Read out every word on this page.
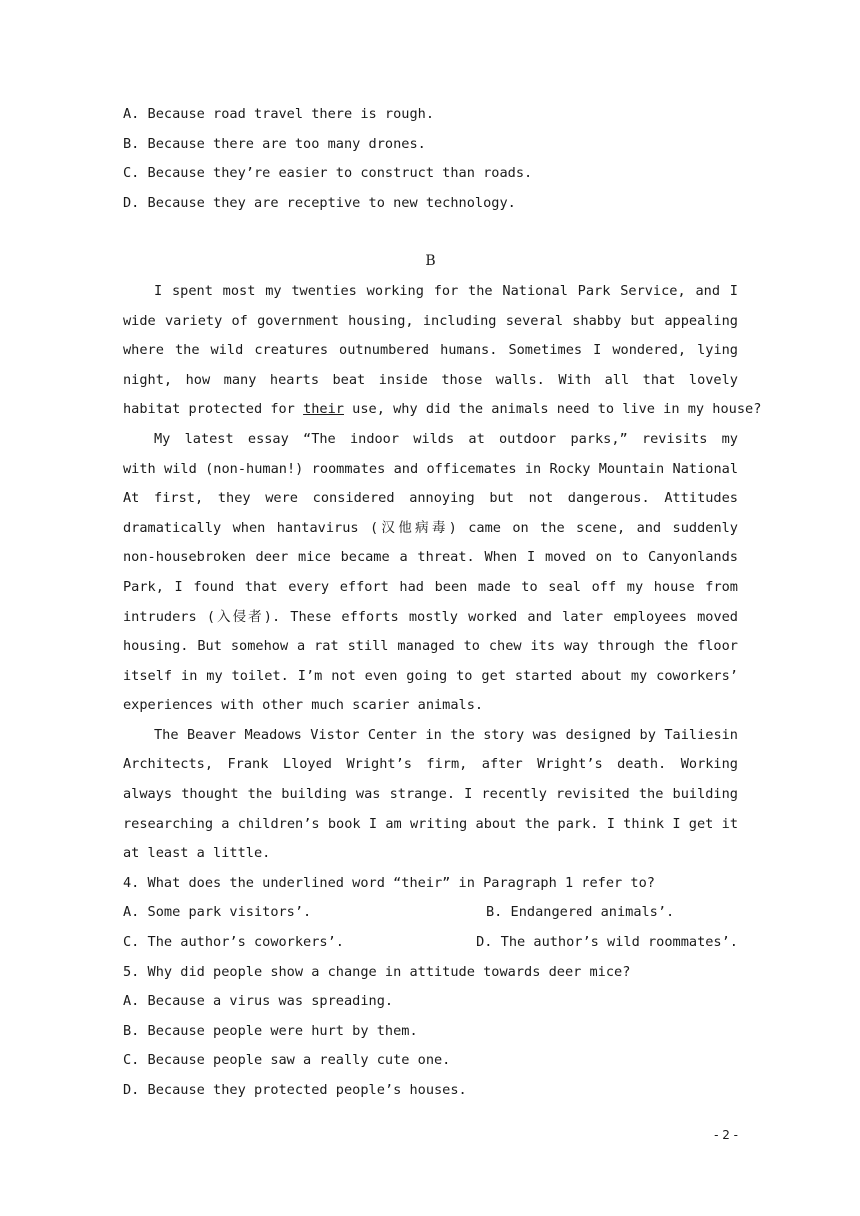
A. Because road travel there is rough.
B. Because there are too many drones.
C. Because they’re easier to construct than roads.
D. Because they are receptive to new technology.
B
I spent most my twenties working for the National Park Service, and I
wide variety of government housing, including several shabby but appealing
where the wild creatures outnumbered humans. Sometimes I wondered, lying
night, how many hearts beat inside those walls. With all that lovely
habitat protected for their use, why did the animals need to live in my house?
My latest essay “The indoor wilds at outdoor parks,” revisits my
with wild (non-human!) roommates and officemates in Rocky Mountain National
At first, they were considered annoying but not dangerous. Attitudes
dramatically when hantavirus (汉他病毒) came on the scene, and suddenly
non-housebroken deer mice became a threat. When I moved on to Canyonlands
Park, I found that every effort had been made to seal off my house from
intruders (入侵者). These efforts mostly worked and later employees moved
housing. But somehow a rat still managed to chew its way through the floor
itself in my toilet. I’m not even going to get started about my coworkers’
experiences with other much scarier animals.
The Beaver Meadows Vistor Center in the story was designed by Tailiesin
Architects, Frank Lloyed Wright’s firm, after Wright’s death. Working
always thought the building was strange. I recently revisited the building
researching a children’s book I am writing about the park. I think I get it
at least a little.
4. What does the underlined word “their” in Paragraph 1 refer to?
A. Some park visitors’.	B. Endangered animals’.
C. The author’s coworkers’.	D. The author’s wild roommates’.
5. Why did people show a change in attitude towards deer mice?
A. Because a virus was spreading.
B. Because people were hurt by them.
C. Because people saw a really cute one.
D. Because they protected people’s houses.
- 2 -
